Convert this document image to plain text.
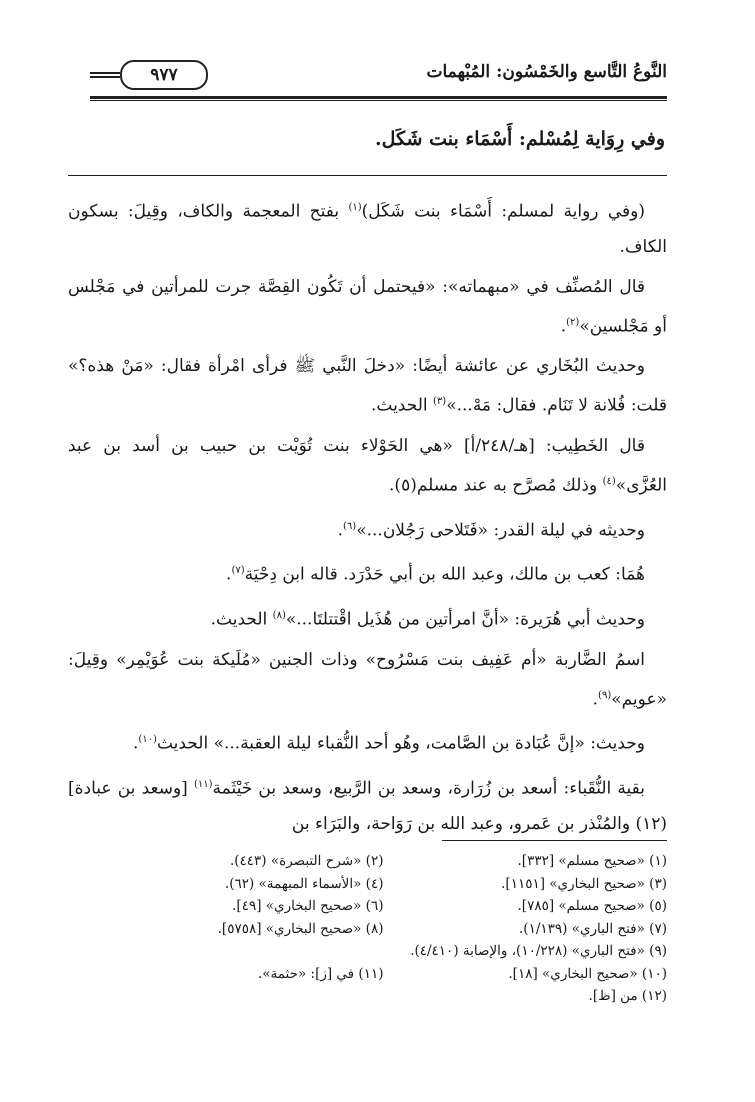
النَّوعُ التَّاسع والخَمْسُون: المُبْهمات
٩٧٧
وفي رِوَاية لِمُسْلم: أَسْمَاء بنت شَكَل.

(وفي رواية لمسلم: أَسْمَاء بنت شَكَل)$^{(١)}$ بفتح المعجمة والكاف، وقِيلَ: بسكون الكاف.

قال المُصنِّف في «مبهماته»: «فيحتمل أن تَكُون القِصَّة جرت للمرأتين في مَجْلس أو مَجْلسين»$^{(٢)}$.

وحديث البُخَاري عن عائشة أيضًا: «دخلَ النَّبي ﷺ فرأى امْرأة فقال: «مَنْ هذه؟» قلت: فُلانة لا تَنَام. فقال: مَهْ...»$^{(٣)}$ الحديث.

قال الخَطِيب: [هـ/٢٤٨/أ] «هي الحَوْلاء بنت تُوَيْت بن حبيب بن أسد بن عبد العُزَّى»$^{(٤)}$ وذلك مُصرَّح به عند مسلم(٥).

وحديثه في ليلة القدر: «فَتَلاحى رَجُلان...»$^{(٦)}$.

هُمَا: كعب بن مالك، وعبد الله بن أبي حَدْرَد. قاله ابن دِحْيَة$^{(٧)}$.

وحديث أبي هُرَيرة: «أنَّ امرأتين من هُذَيل اقْتتلتَا...»$^{(٨)}$ الحديث.

اسمُ الضَّاربة «أم عَفِيف بنت مَسْرُوح» وذات الجنين «مُلَيكة بنت عُوَيْمِر» وقِيلَ: «عويم»$^{(٩)}$.

وحديث: «إنَّ عُبَادة بن الصَّامت، وهُو أحد النُّقباء ليلة العقبة...» الحديث$^{(١٠)}$.

بقية النُّقَباء: أسعد بن زُرَارة، وسعد بن الرَّبيع، وسعد بن خَيْثَمة$^{(١١)}$ [وسعد بن عبادة](١٢) والمُنْذر بن عَمرو، وعبد الله بن رَوَاحة، والبَرَاء بن

(١) «صحيح مسلم» [٣٣٢].
(٢) «شرح التبصرة» (٤٤٣).
(٣) «صحيح البخاري» [١١٥١].
(٤) «الأسماء المبهمة» (٦٢).
(٥) «صحيح مسلم» [٧٨٥].
(٦) «صحيح البخاري» [٤٩].
(٧) «فتح الباري» (١/١٣٩).
(٨) «صحيح البخاري» [٥٧٥٨].
(٩) «فتح الباري» (١٠/٢٢٨)، والإصابة (٤/٤١٠).
(١٠) «صحيح البخاري» [١٨].
(١١) في [ز]: «حثمة».
(١٢) من [ظ].
